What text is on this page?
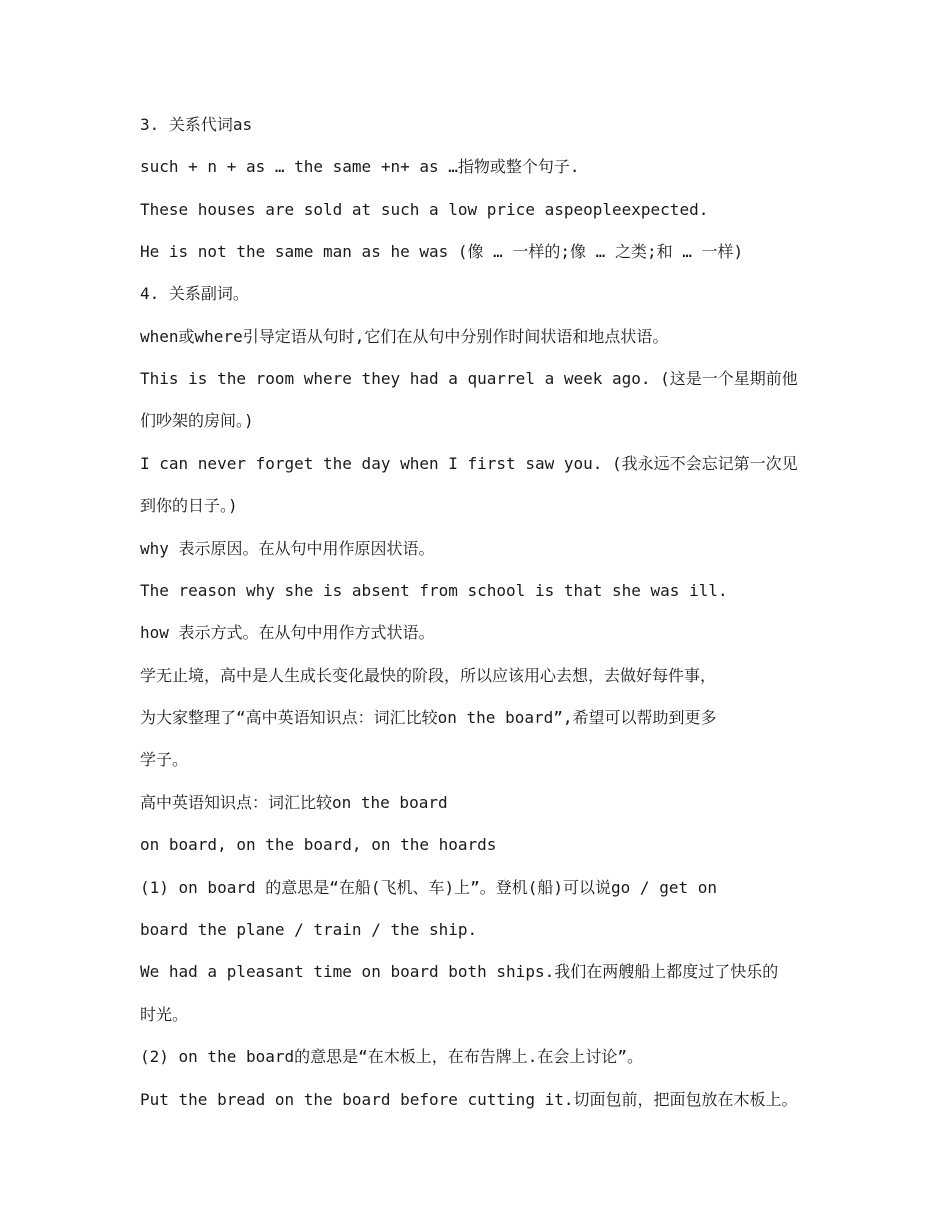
3. 关系代词as
such + n + as … the same +n+ as …指物或整个句子.
These houses are sold at such a low price aspeopleexpected.
He is not the same man as he was (像 … 一样的;像 … 之类;和 … 一样)
4. 关系副词。
when或where引导定语从句时,它们在从句中分别作时间状语和地点状语。
This is the room where they had a quarrel a week ago. (这是一个星期前他
们吵架的房间。)
I can never forget the day when I first saw you. (我永远不会忘记第一次见
到你的日子。)
why 表示原因。在从句中用作原因状语。
The reason why she is absent from school is that she was ill.
how 表示方式。在从句中用作方式状语。
学无止境，高中是人生成长变化最快的阶段，所以应该用心去想，去做好每件事，
为大家整理了“高中英语知识点：词汇比较on the board”,希望可以帮助到更多
学子。
高中英语知识点：词汇比较on the board
on board, on the board, on the hoards
(1) on board 的意思是“在船(飞机、车)上”。登机(船)可以说go / get on
board the plane / train / the ship.
We had a pleasant time on board both ships.我们在两艘船上都度过了快乐的
时光。
(2) on the board的意思是“在木板上，在布告牌上.在会上讨论”。
Put the bread on the board before cutting it.切面包前，把面包放在木板上。
